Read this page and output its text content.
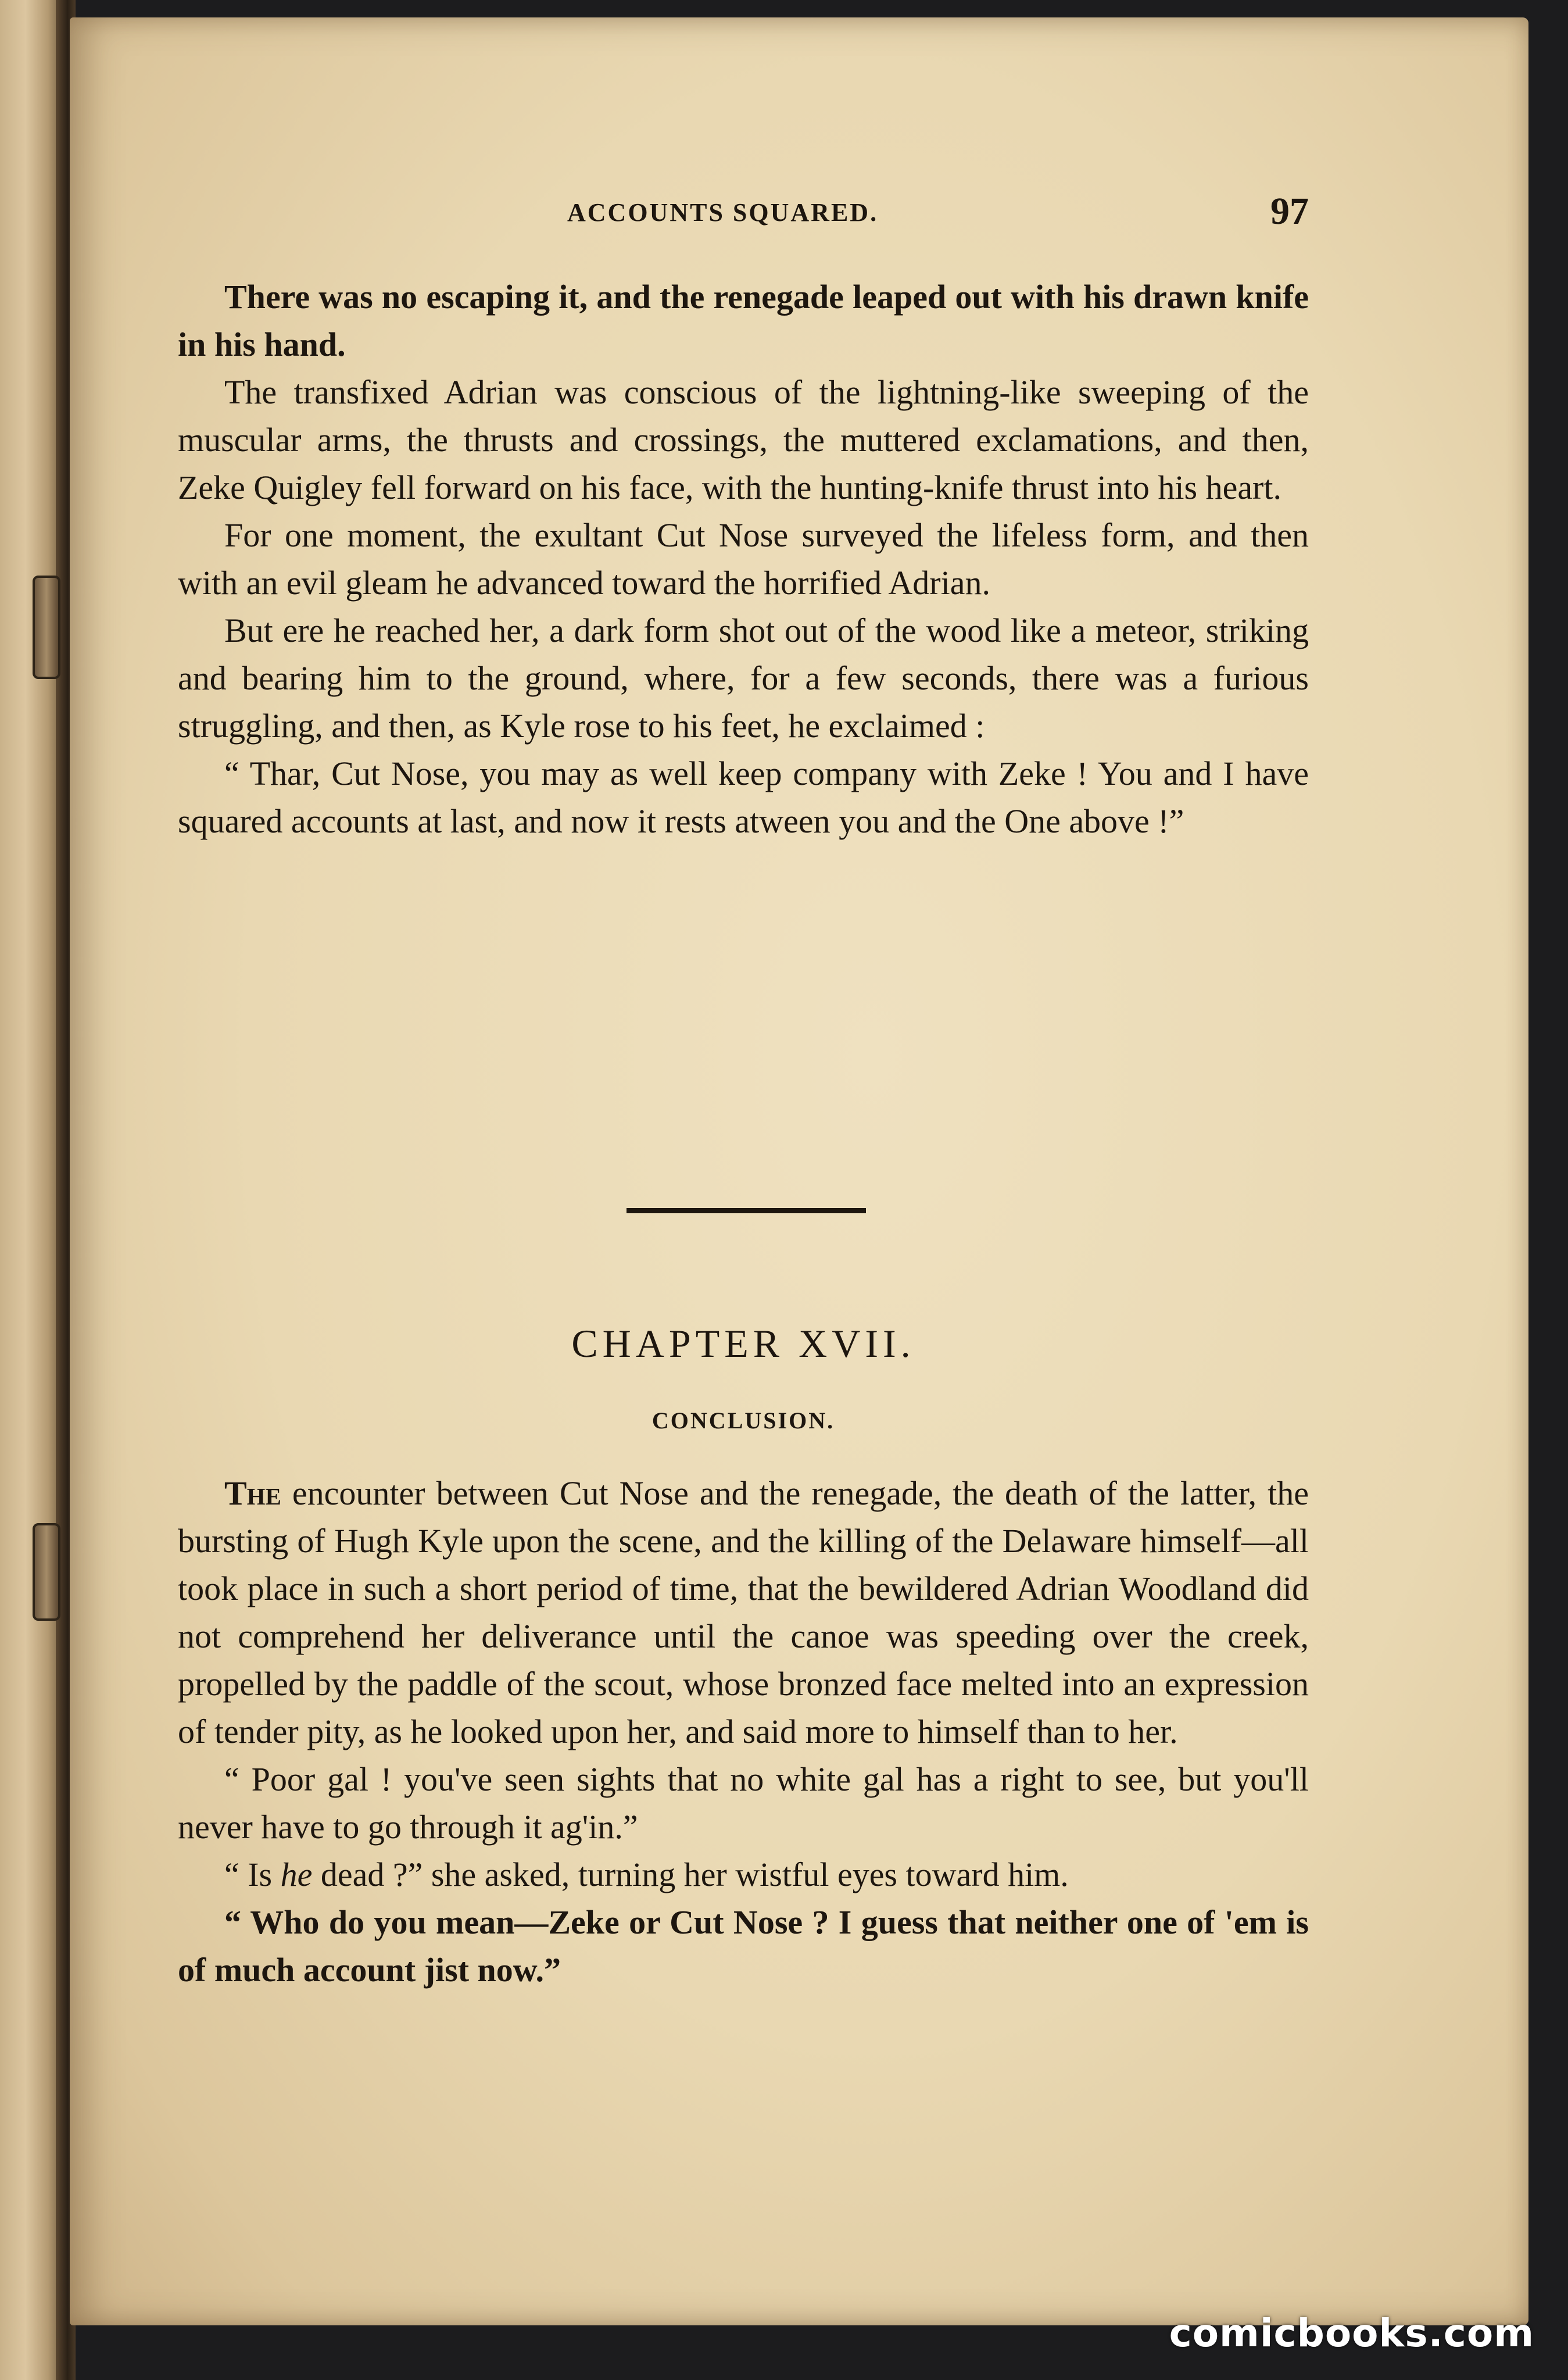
ACCOUNTS SQUARED.	97

There was no escaping it, and the renegade leaped out with his drawn knife in his hand.

The transfixed Adrian was conscious of the lightning-like sweeping of the muscular arms, the thrusts and crossings, the muttered exclamations, and then, Zeke Quigley fell forward on his face, with the hunting-knife thrust into his heart.

For one moment, the exultant Cut Nose surveyed the lifeless form, and then with an evil gleam he advanced toward the horrified Adrian.

But ere he reached her, a dark form shot out of the wood like a meteor, striking and bearing him to the ground, where, for a few seconds, there was a furious struggling, and then, as Kyle rose to his feet, he exclaimed :

“ Thar, Cut Nose, you may as well keep company with Zeke ! You and I have squared accounts at last, and now it rests atween you and the One above !”

CHAPTER XVII.
CONCLUSION.

The encounter between Cut Nose and the renegade, the death of the latter, the bursting of Hugh Kyle upon the scene, and the killing of the Delaware himself—all took place in such a short period of time, that the bewildered Adrian Woodland did not comprehend her deliverance until the canoe was speeding over the creek, propelled by the paddle of the scout, whose bronzed face melted into an expression of tender pity, as he looked upon her, and said more to himself than to her.

“ Poor gal ! you've seen sights that no white gal has a right to see, but you'll never have to go through it ag'in.”

“ Is he dead ?” she asked, turning her wistful eyes toward him.

“ Who do you mean—Zeke or Cut Nose ? I guess that neither one of 'em is of much account jist now.”

comicbooks.com
